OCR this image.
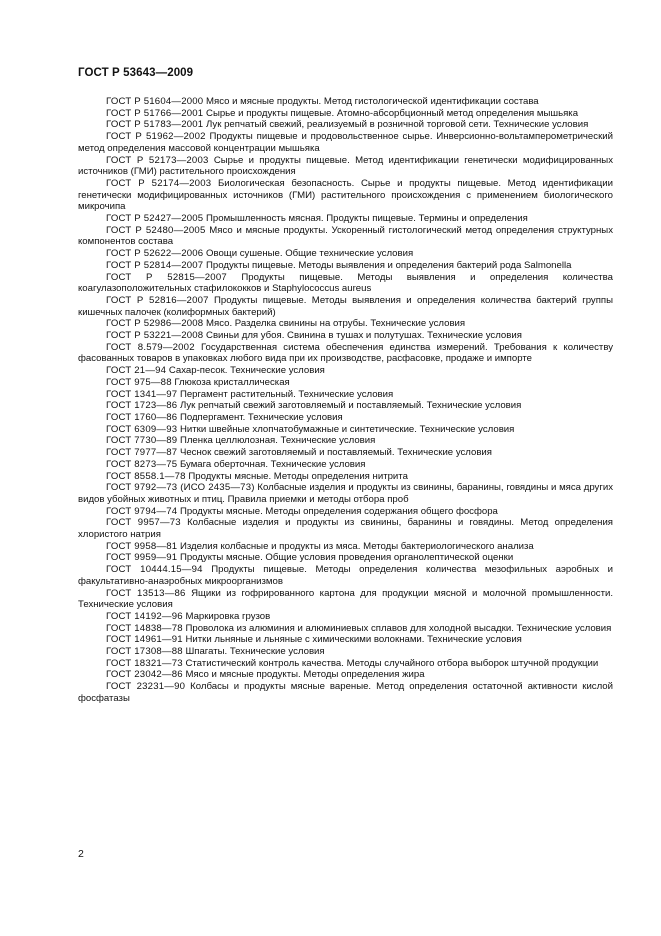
ГОСТ Р 53643—2009

ГОСТ Р 51604—2000 Мясо и мясные продукты. Метод гистологической идентификации состава

ГОСТ Р 51766—2001 Сырье и продукты пищевые. Атомно-абсорбционный метод определения мышьяка

ГОСТ Р 51783—2001 Лук репчатый свежий, реализуемый в розничной торговой сети. Технические условия

ГОСТ Р 51962—2002 Продукты пищевые и продовольственное сырье. Инверсионно-вольтамперометрический метод определения массовой концентрации мышьяка

ГОСТ Р 52173—2003 Сырье и продукты пищевые. Метод идентификации генетически модифицированных источников (ГМИ) растительного происхождения

ГОСТ Р 52174—2003 Биологическая безопасность. Сырье и продукты пищевые. Метод идентификации генетически модифицированных источников (ГМИ) растительного происхождения с применением биологического микрочипа

ГОСТ Р 52427—2005 Промышленность мясная. Продукты пищевые. Термины и определения

ГОСТ Р 52480—2005 Мясо и мясные продукты. Ускоренный гистологический метод определения структурных компонентов состава

ГОСТ Р 52622—2006 Овощи сушеные. Общие технические условия

ГОСТ Р 52814—2007 Продукты пищевые. Методы выявления и определения бактерий рода Salmonella

ГОСТ Р 52815—2007 Продукты пищевые. Методы выявления и определения количества коагулазоположительных стафилококков и Staphylococcus aureus

ГОСТ Р 52816—2007 Продукты пищевые. Методы выявления и определения количества бактерий группы кишечных палочек (колиформных бактерий)

ГОСТ Р 52986—2008 Мясо. Разделка свинины на отрубы. Технические условия

ГОСТ Р 53221—2008 Свиньи для убоя. Свинина в тушах и полутушах. Технические условия

ГОСТ 8.579—2002 Государственная система обеспечения единства измерений. Требования к количеству фасованных товаров в упаковках любого вида при их производстве, расфасовке, продаже и импорте

ГОСТ 21—94 Сахар-песок. Технические условия

ГОСТ 975—88 Глюкоза кристаллическая

ГОСТ 1341—97 Пергамент растительный. Технические условия

ГОСТ 1723—86 Лук репчатый свежий заготовляемый и поставляемый. Технические условия

ГОСТ 1760—86 Подпергамент. Технические условия

ГОСТ 6309—93 Нитки швейные хлопчатобумажные и синтетические. Технические условия

ГОСТ 7730—89 Пленка целлюлозная. Технические условия

ГОСТ 7977—87 Чеснок свежий заготовляемый и поставляемый. Технические условия

ГОСТ 8273—75 Бумага оберточная. Технические условия

ГОСТ 8558.1—78 Продукты мясные. Методы определения нитрита

ГОСТ 9792—73 (ИСО 2435—73) Колбасные изделия и продукты из свинины, баранины, говядины и мяса других видов убойных животных и птиц. Правила приемки и методы отбора проб

ГОСТ 9794—74 Продукты мясные. Методы определения содержания общего фосфора

ГОСТ 9957—73 Колбасные изделия и продукты из свинины, баранины и говядины. Метод определения хлористого натрия

ГОСТ 9958—81 Изделия колбасные и продукты из мяса. Методы бактериологического анализа

ГОСТ 9959—91 Продукты мясные. Общие условия проведения органолептической оценки

ГОСТ 10444.15—94 Продукты пищевые. Методы определения количества мезофильных аэробных и факультативно-анаэробных микроорганизмов

ГОСТ 13513—86 Ящики из гофрированного картона для продукции мясной и молочной промышленности. Технические условия

ГОСТ 14192—96 Маркировка грузов

ГОСТ 14838—78 Проволока из алюминия и алюминиевых сплавов для холодной высадки. Технические условия

ГОСТ 14961—91 Нитки льняные и льняные с химическими волокнами. Технические условия

ГОСТ 17308—88 Шпагаты. Технические условия

ГОСТ 18321—73 Статистический контроль качества. Методы случайного отбора выборок штучной продукции

ГОСТ 23042—86 Мясо и мясные продукты. Методы определения жира

ГОСТ 23231—90 Колбасы и продукты мясные вареные. Метод определения остаточной активности кислой фосфатазы

2
